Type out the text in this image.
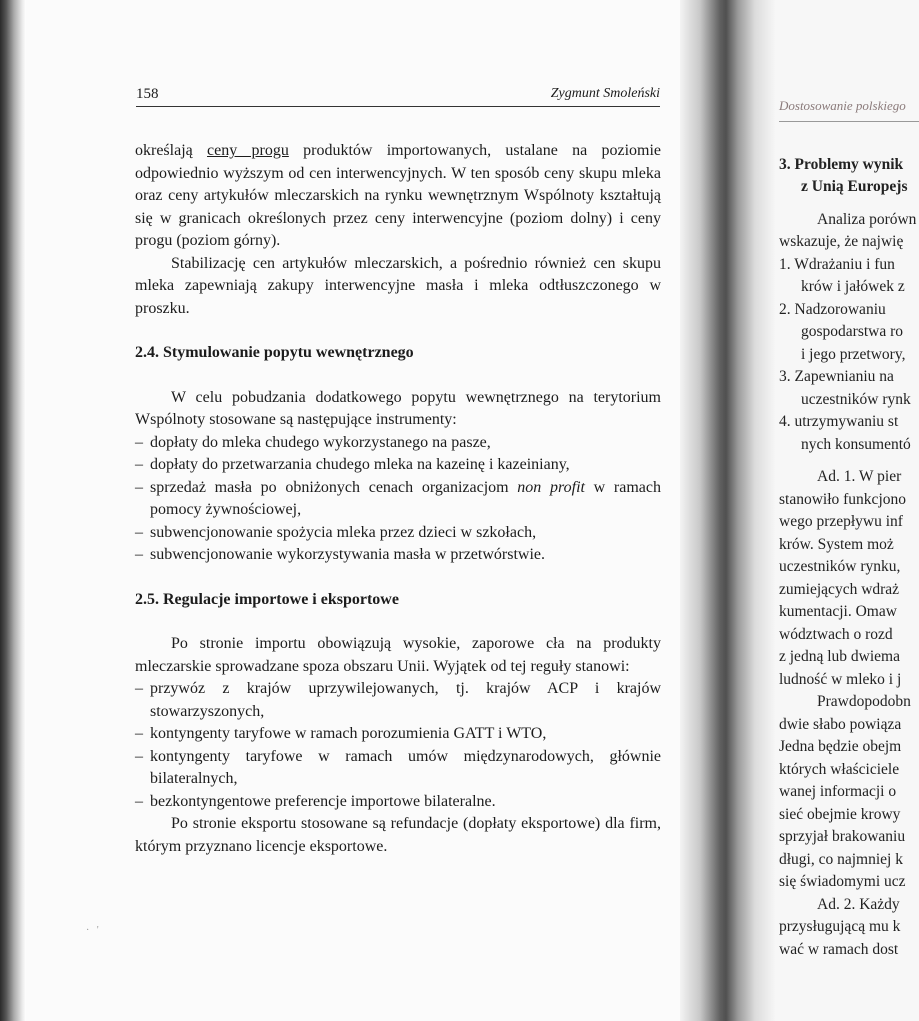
158	Zygmunt Smoleński

określają ceny progu produktów importowanych, ustalane na poziomie odpowiednio wyższym od cen interwencyjnych. W ten sposób ceny skupu mleka oraz ceny artykułów mleczarskich na rynku wewnętrznym Wspólnoty kształtują się w granicach określonych przez ceny interwencyjne (poziom dolny) i ceny progu (poziom górny).

Stabilizację cen artykułów mleczarskich, a pośrednio również cen skupu mleka zapewniają zakupy interwencyjne masła i mleka odtłuszczonego w proszku.

2.4. Stymulowanie popytu wewnętrznego

W celu pobudzania dodatkowego popytu wewnętrznego na terytorium Wspólnoty stosowane są następujące instrumenty:

– dopłaty do mleka chudego wykorzystanego na pasze,
– dopłaty do przetwarzania chudego mleka na kazeinę i kazeiniany,
– sprzedaż masła po obniżonych cenach organizacjom non profit w ramach pomocy żywnościowej,
– subwencjonowanie spożycia mleka przez dzieci w szkołach,
– subwencjonowanie wykorzystywania masła w przetwórstwie.
2.5. Regulacje importowe i eksportowe

Po stronie importu obowiązują wysokie, zaporowe cła na produkty mleczarskie sprowadzane spoza obszaru Unii. Wyjątek od tej reguły stanowi:

– przywóz z krajów uprzywilejowanych, tj. krajów ACP i krajów stowarzyszonych,
– kontyngenty taryfowe w ramach porozumienia GATT i WTO,
– kontyngenty taryfowe w ramach umów międzynarodowych, głównie bilateralnych,
– bezkontyngentowe preferencje importowe bilateralne.

Po stronie eksportu stosowane są refundacje (dopłaty eksportowe) dla firm, którym przyznano licencje eksportowe.

·   '
Dostosowanie polskiego
3. Problemy wynik
z Unią Europejs
Analiza porówn
wskazuje, że najwię
1. Wdrażaniu i fun
krów i jałówek z
2. Nadzorowaniu
gospodarstwa ro
i jego przetwory,
3. Zapewnianiu na
uczestników rynk
4. utrzymywaniu st
nych konsumentó
Ad. 1. W pier
stanowiło funkcjono
wego przepływu inf
krów. System moż
uczestników rynku,
zumiejących wdraż
kumentacji. Omaw
wództwach o rozd
z jedną lub dwiema
ludność w mleko i j
Prawdopodobn
dwie słabo powiąza
Jedna będzie obejm
których właściciele
wanej informacji o
sieć obejmie krowy
sprzyjał brakowaniu
długi, co najmniej k
się świadomymi ucz
Ad. 2. Każdy
przysługującą mu k
wać w ramach dost
